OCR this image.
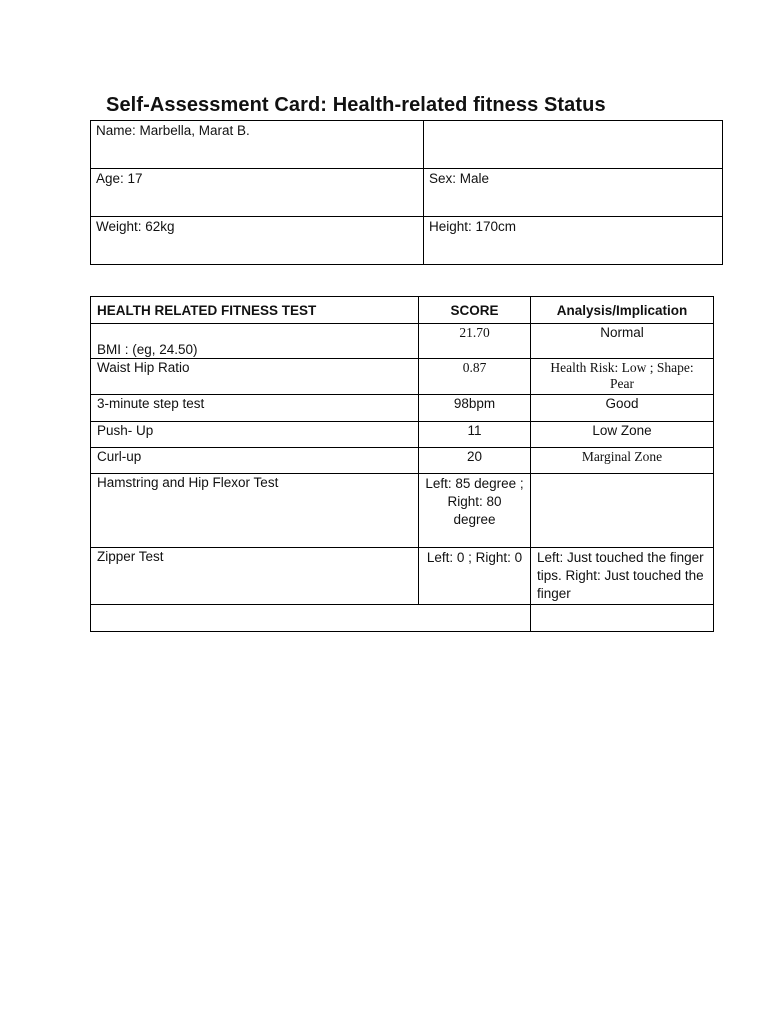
Self-Assessment Card: Health-related fitness Status
Name: Marbella, Marat B.	
Age: 17	Sex: Male
Weight: 62kg	Height: 170cm
HEALTH RELATED FITNESS TEST	SCORE	Analysis/Implication
BMI : (eg, 24.50)	21.70	Normal
Waist Hip Ratio	0.87	Health Risk: Low ; Shape: Pear
3-minute step test	98bpm	Good
Push- Up	11	Low Zone
Curl-up	20	Marginal Zone
Hamstring and Hip Flexor Test	Left: 85 degree ; Right: 80 degree	
Zipper Test	Left: 0 ; Right: 0	Left: Just touched the finger tips. Right: Just touched the finger
